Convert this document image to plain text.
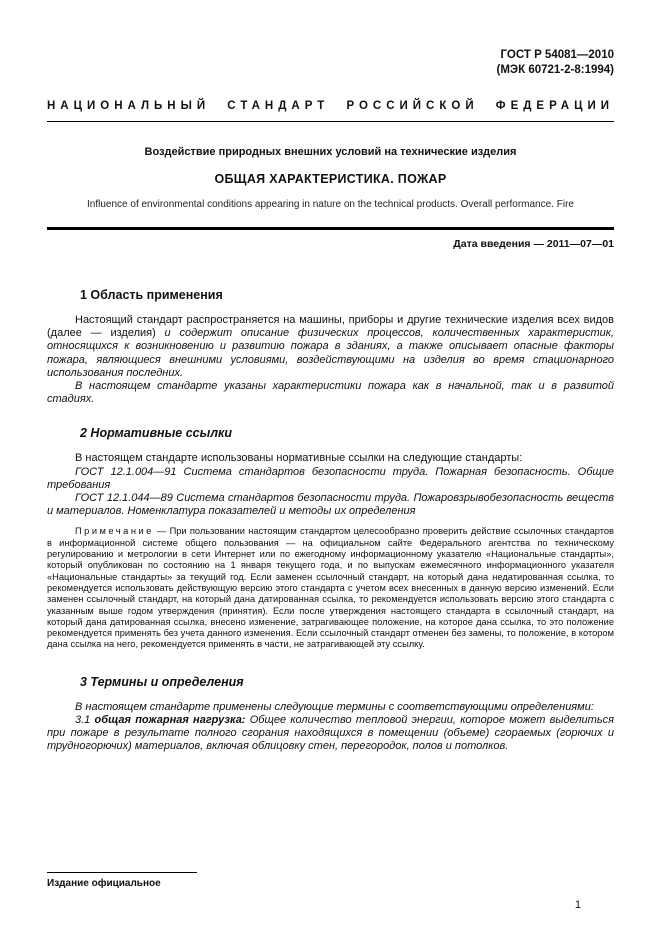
ГОСТ Р 54081—2010
(МЭК 60721-2-8:1994)
НАЦИОНАЛЬНЫЙ СТАНДАРТ РОССИЙСКОЙ ФЕДЕРАЦИИ

Воздействие природных внешних условий на технические изделия

ОБЩАЯ ХАРАКТЕРИСТИКА. ПОЖАР

Influence of environmental conditions appearing in nature on the technical products. Overall performance. Fire

Дата введения — 2011—07—01

1 Область применения

Настоящий стандарт распространяется на машины, приборы и другие технические изделия всех видов (далее — изделия) и содержит описание физических процессов, количественных характеристик, относящихся к возникновению и развитию пожара в зданиях, а также описывает опасные факторы пожара, являющиеся внешними условиями, воздействующими на изделия во время стационарного использования последних.

В настоящем стандарте указаны характеристики пожара как в начальной, так и в развитой стадиях.

2 Нормативные ссылки

В настоящем стандарте использованы нормативные ссылки на следующие стандарты:

ГОСТ 12.1.004—91 Система стандартов безопасности труда. Пожарная безопасность. Общие требования

ГОСТ 12.1.044—89 Система стандартов безопасности труда. Пожаровзрывобезопасность веществ и материалов. Номенклатура показателей и методы их определения

Примечание — При пользовании настоящим стандартом целесообразно проверить действие ссылочных стандартов в информационной системе общего пользования — на официальном сайте Федерального агентства по техническому регулированию и метрологии в сети Интернет или по ежегодному информационному указателю «Национальные стандарты», который опубликован по состоянию на 1 января текущего года, и по выпускам ежемесячного информационного указателя «Национальные стандарты» за текущий год. Если заменен ссылочный стандарт, на который дана недатированная ссылка, то рекомендуется использовать действующую версию этого стандарта с учетом всех внесенных в данную версию изменений. Если заменен ссылочный стандарт, на который дана датированная ссылка, то рекомендуется использовать версию этого стандарта с указанным выше годом утверждения (принятия). Если после утверждения настоящего стандарта в ссылочный стандарт, на который дана датированная ссылка, внесено изменение, затрагивающее положение, на которое дана ссылка, то это положение рекомендуется применять без учета данного изменения. Если ссылочный стандарт отменен без замены, то положение, в котором дана ссылка на него, рекомендуется применять в части, не затрагивающей эту ссылку.

3 Термины и определения

В настоящем стандарте применены следующие термины с соответствующими определениями:

3.1 общая пожарная нагрузка: Общее количество тепловой энергии, которое может выделиться при пожаре в результате полного сгорания находящихся в помещении (объеме) сгораемых (горючих и трудногорючих) материалов, включая облицовку стен, перегородок, полов и потолков.

Издание официальное

1
